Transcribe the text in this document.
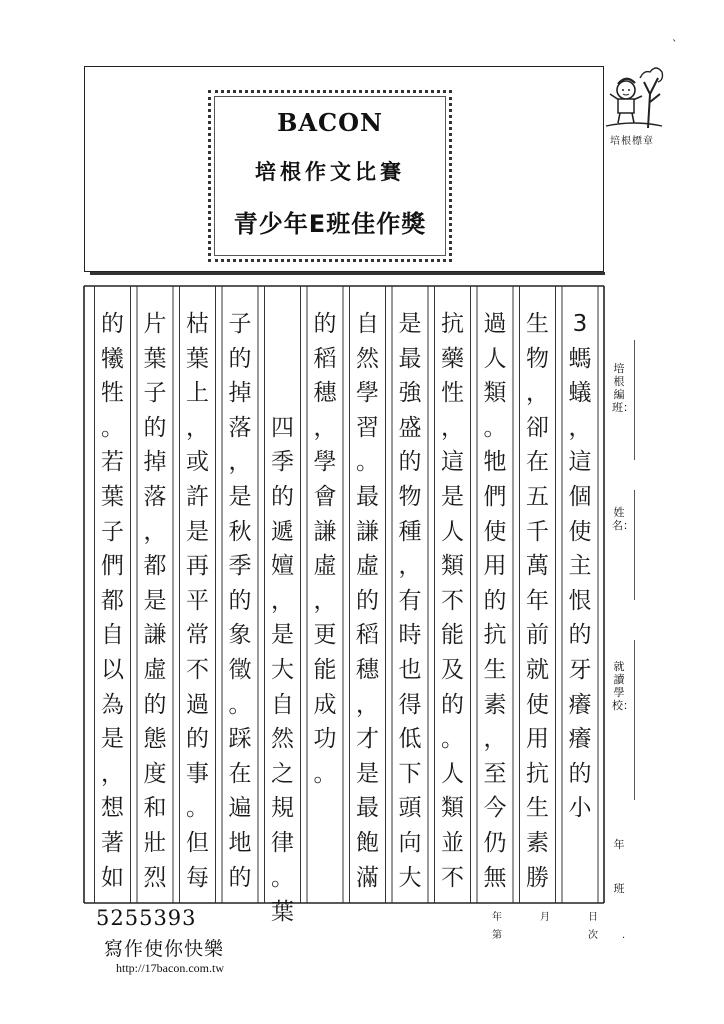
`
BACON
培根作文比賽
青少年E班佳作獎
培根標章
3
螞
蟻
，
這
個
使
主
恨
的
牙
癢
癢
的
小
生
物
，
卻
在
五
千
萬
年
前
就
使
用
抗
生
素
勝
過
人
類
。
牠
們
使
用
的
抗
生
素
，
至
今
仍
無
抗
藥
性
，
這
是
人
類
不
能
及
的
。
人
類
並
不
是
最
強
盛
的
物
種
，
有
時
也
得
低
下
頭
向
大
自
然
學
習
。
最
謙
虛
的
稻
穗
，
才
是
最
飽
滿
的
稻
穗
，
學
會
謙
虛
，
更
能
成
功
。
四
季
的
遞
嬗
，
是
大
自
然
之
規
律
。
葉
子
的
掉
落
，
是
秋
季
的
象
徵
。
踩
在
遍
地
的
枯
葉
上
，
或
許
是
再
平
常
不
過
的
事
。
但
每
片
葉
子
的
掉
落
，
都
是
謙
虛
的
態
度
和
壯
烈
的
犧
牲
。
若
葉
子
們
都
自
以
為
是
，
想
著
如
培根編班：
姓名：
就讀學校：
年
班
年	月	日
第	次 .
5255393
寫作使你快樂
http://17bacon.com.tw
